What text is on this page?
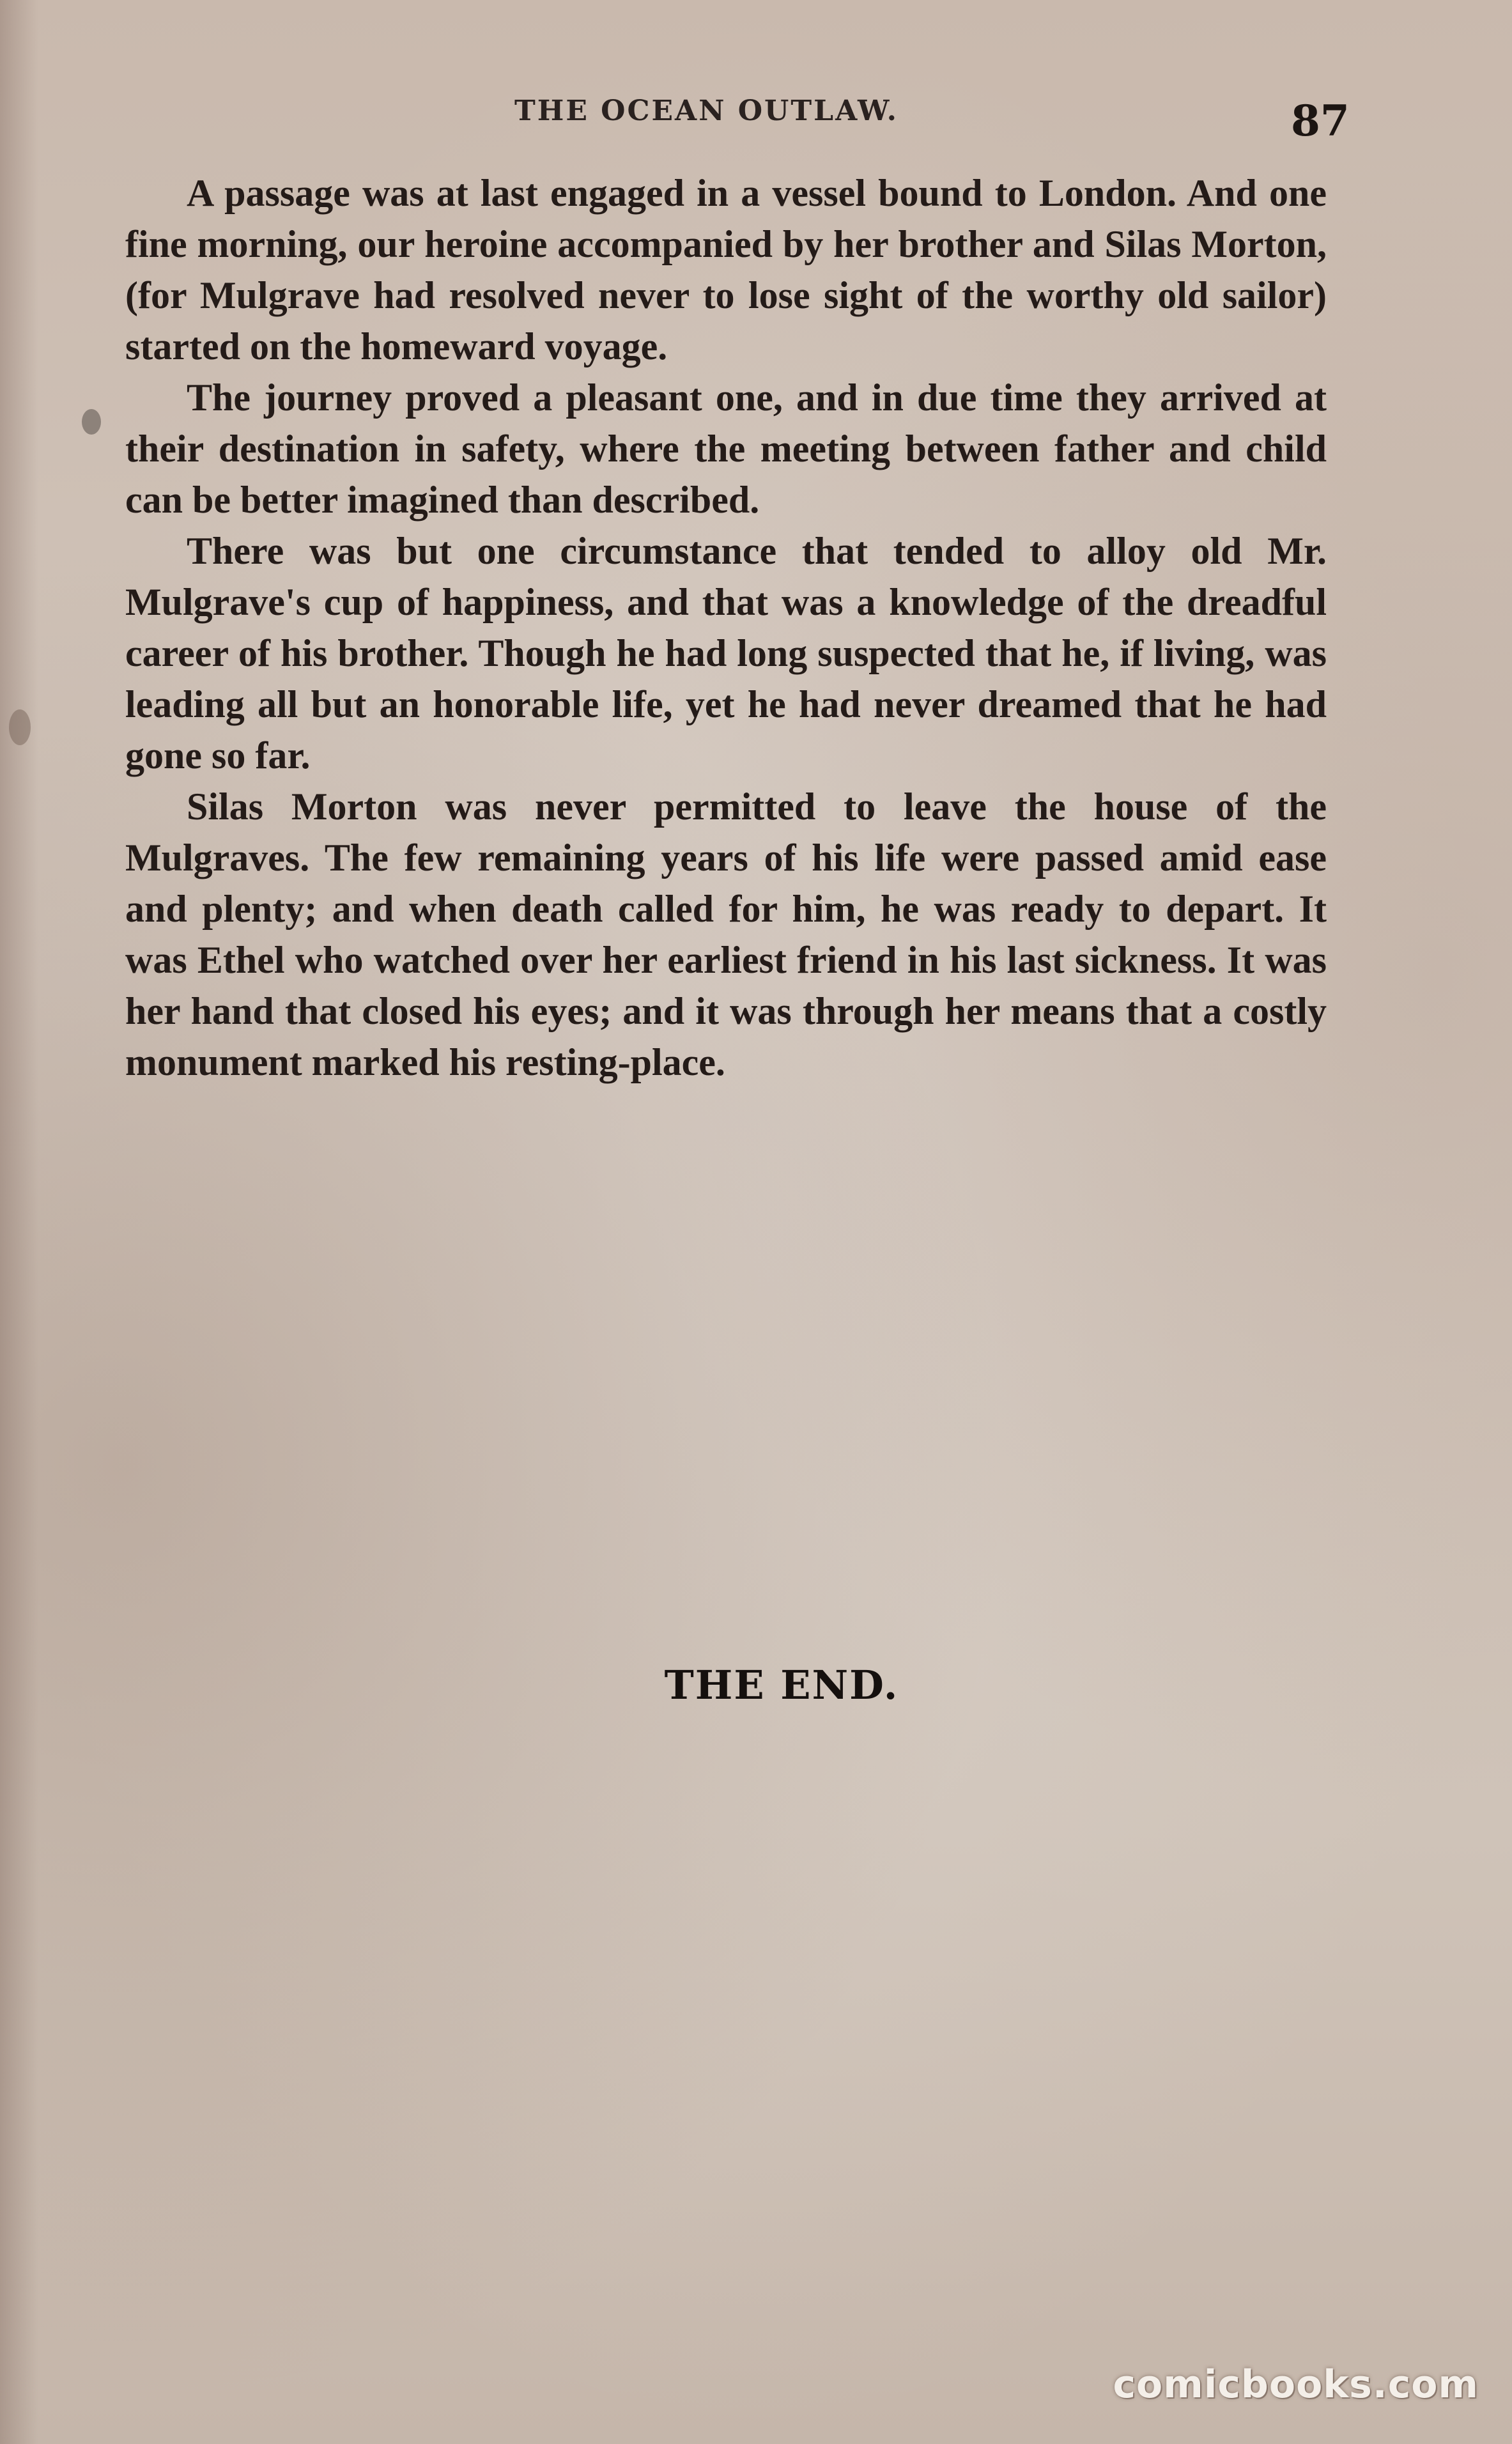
THE OCEAN OUTLAW.	87

A passage was at last engaged in a vessel bound to London. And one fine morning, our heroine accompanied by her brother and Silas Morton, (for Mulgrave had resolved never to lose sight of the worthy old sailor) started on the homeward voyage.

The journey proved a pleasant one, and in due time they arrived at their destination in safety, where the meeting between father and child can be better imagined than described.

There was but one circumstance that tended to alloy old Mr. Mulgrave's cup of happiness, and that was a knowledge of the dreadful career of his brother. Though he had long suspected that he, if living, was leading all but an honorable life, yet he had never dreamed that he had gone so far.

Silas Morton was never permitted to leave the house of the Mulgraves. The few remaining years of his life were passed amid ease and plenty; and when death called for him, he was ready to depart. It was Ethel who watched over her earliest friend in his last sickness. It was her hand that closed his eyes; and it was through her means that a costly monument marked his resting-place.

THE END.
comicbooks.com
